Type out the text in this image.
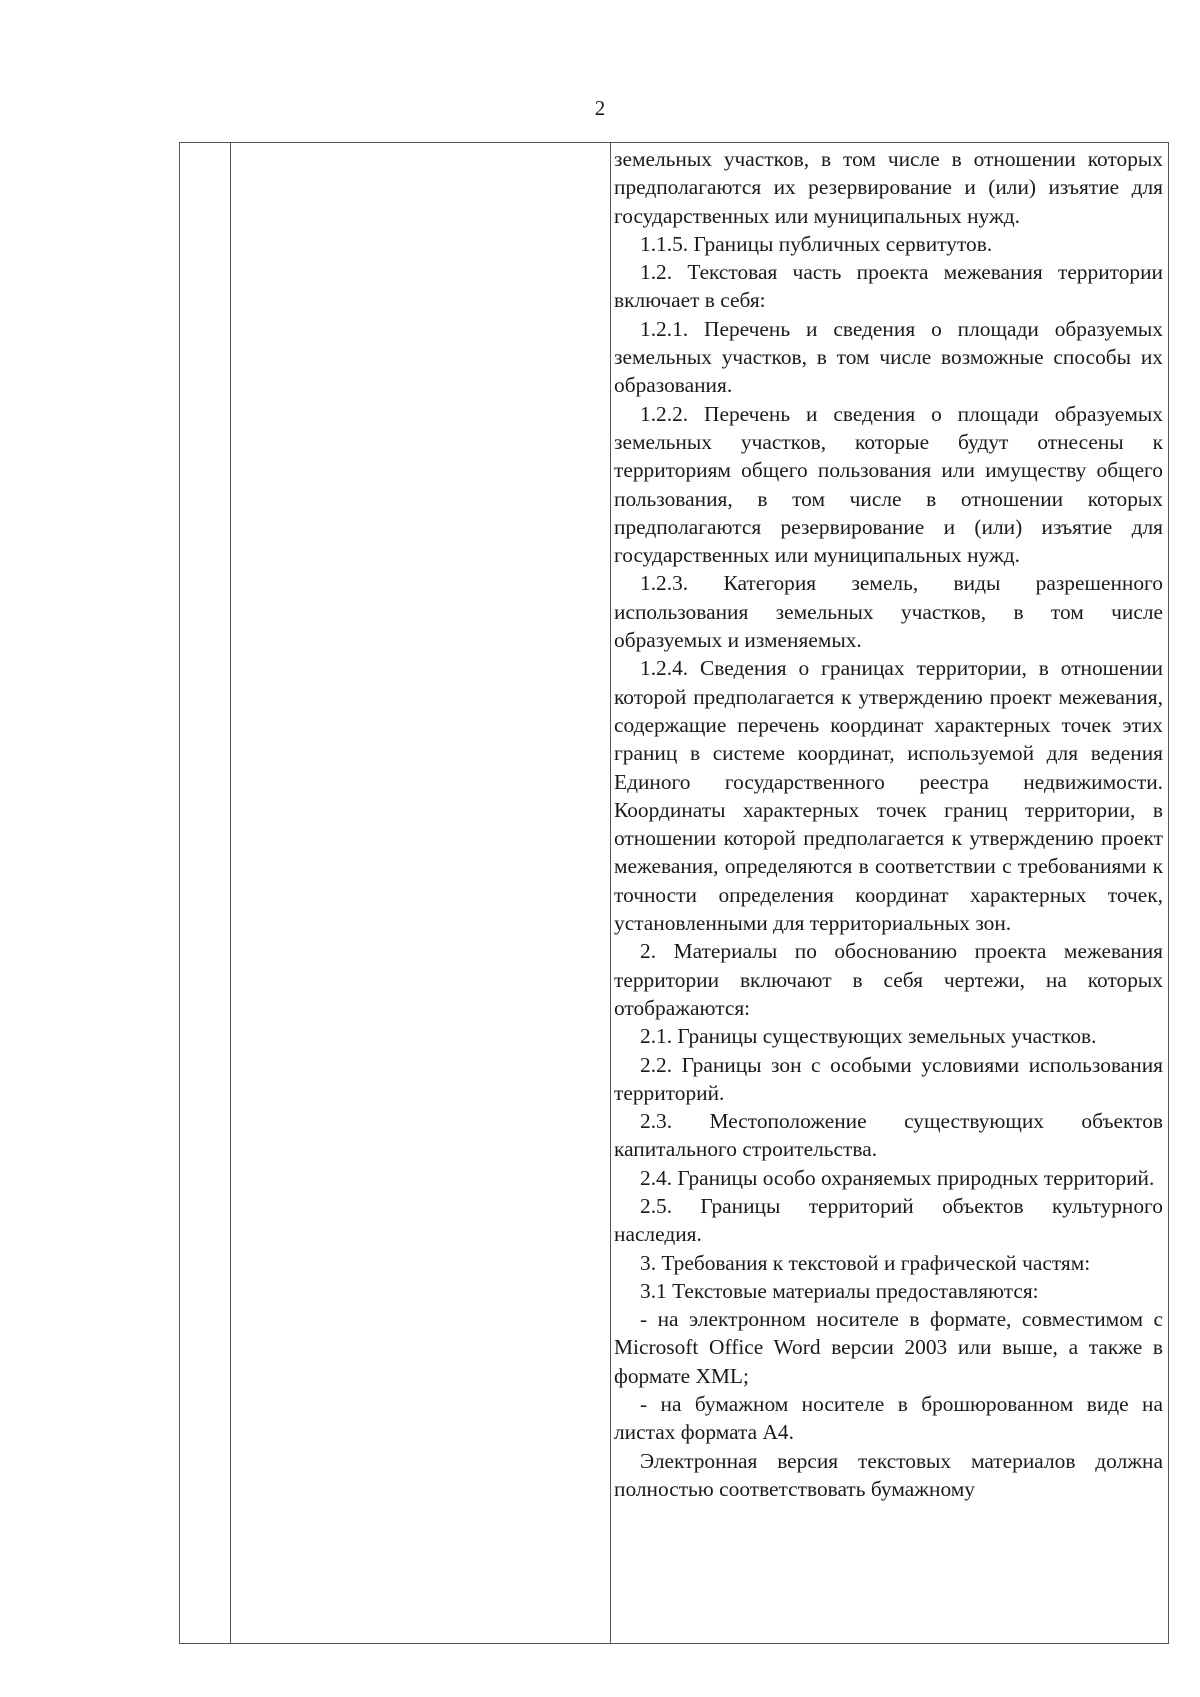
2

земельных участков, в том числе в отношении которых предполагаются их резервирование и (или) изъятие для государственных или муниципальных нужд.

1.1.5. Границы публичных сервитутов.

1.2. Текстовая часть проекта межевания территории включает в себя:

1.2.1. Перечень и сведения о площади образуемых земельных участков, в том числе возможные способы их образования.

1.2.2. Перечень и сведения о площади образуемых земельных участков, которые будут отнесены к территориям общего пользования или имуществу общего пользования, в том числе в отношении которых предполагаются резервирование и (или) изъятие для государственных или муниципальных нужд.

1.2.3. Категория земель, виды разрешенного использования земельных участков, в том числе образуемых и изменяемых.

1.2.4. Сведения о границах территории, в отношении которой предполагается к утверждению проект межевания, содержащие перечень координат характерных точек этих границ в системе координат, используемой для ведения Единого государственного реестра недвижимости. Координаты характерных точек границ территории, в отношении которой предполагается к утверждению проект межевания, определяются в соответствии с требованиями к точности определения координат характерных точек, установленными для территориальных зон.

2. Материалы по обоснованию проекта межевания территории включают в себя чертежи, на которых отображаются:

2.1. Границы существующих земельных участков.

2.2. Границы зон с особыми условиями использования территорий.

2.3. Местоположение существующих объектов капитального строительства.

2.4. Границы особо охраняемых природных территорий.

2.5. Границы территорий объектов культурного наследия.

3. Требования к текстовой и графической частям:

3.1 Текстовые материалы предоставляются:

- на электронном носителе в формате, совместимом с Microsoft Office Word версии 2003 или выше, а также в формате XML;

- на бумажном носителе в брошюрованном виде на листах формата А4.

Электронная версия текстовых материалов должна полностью соответствовать бумажному
